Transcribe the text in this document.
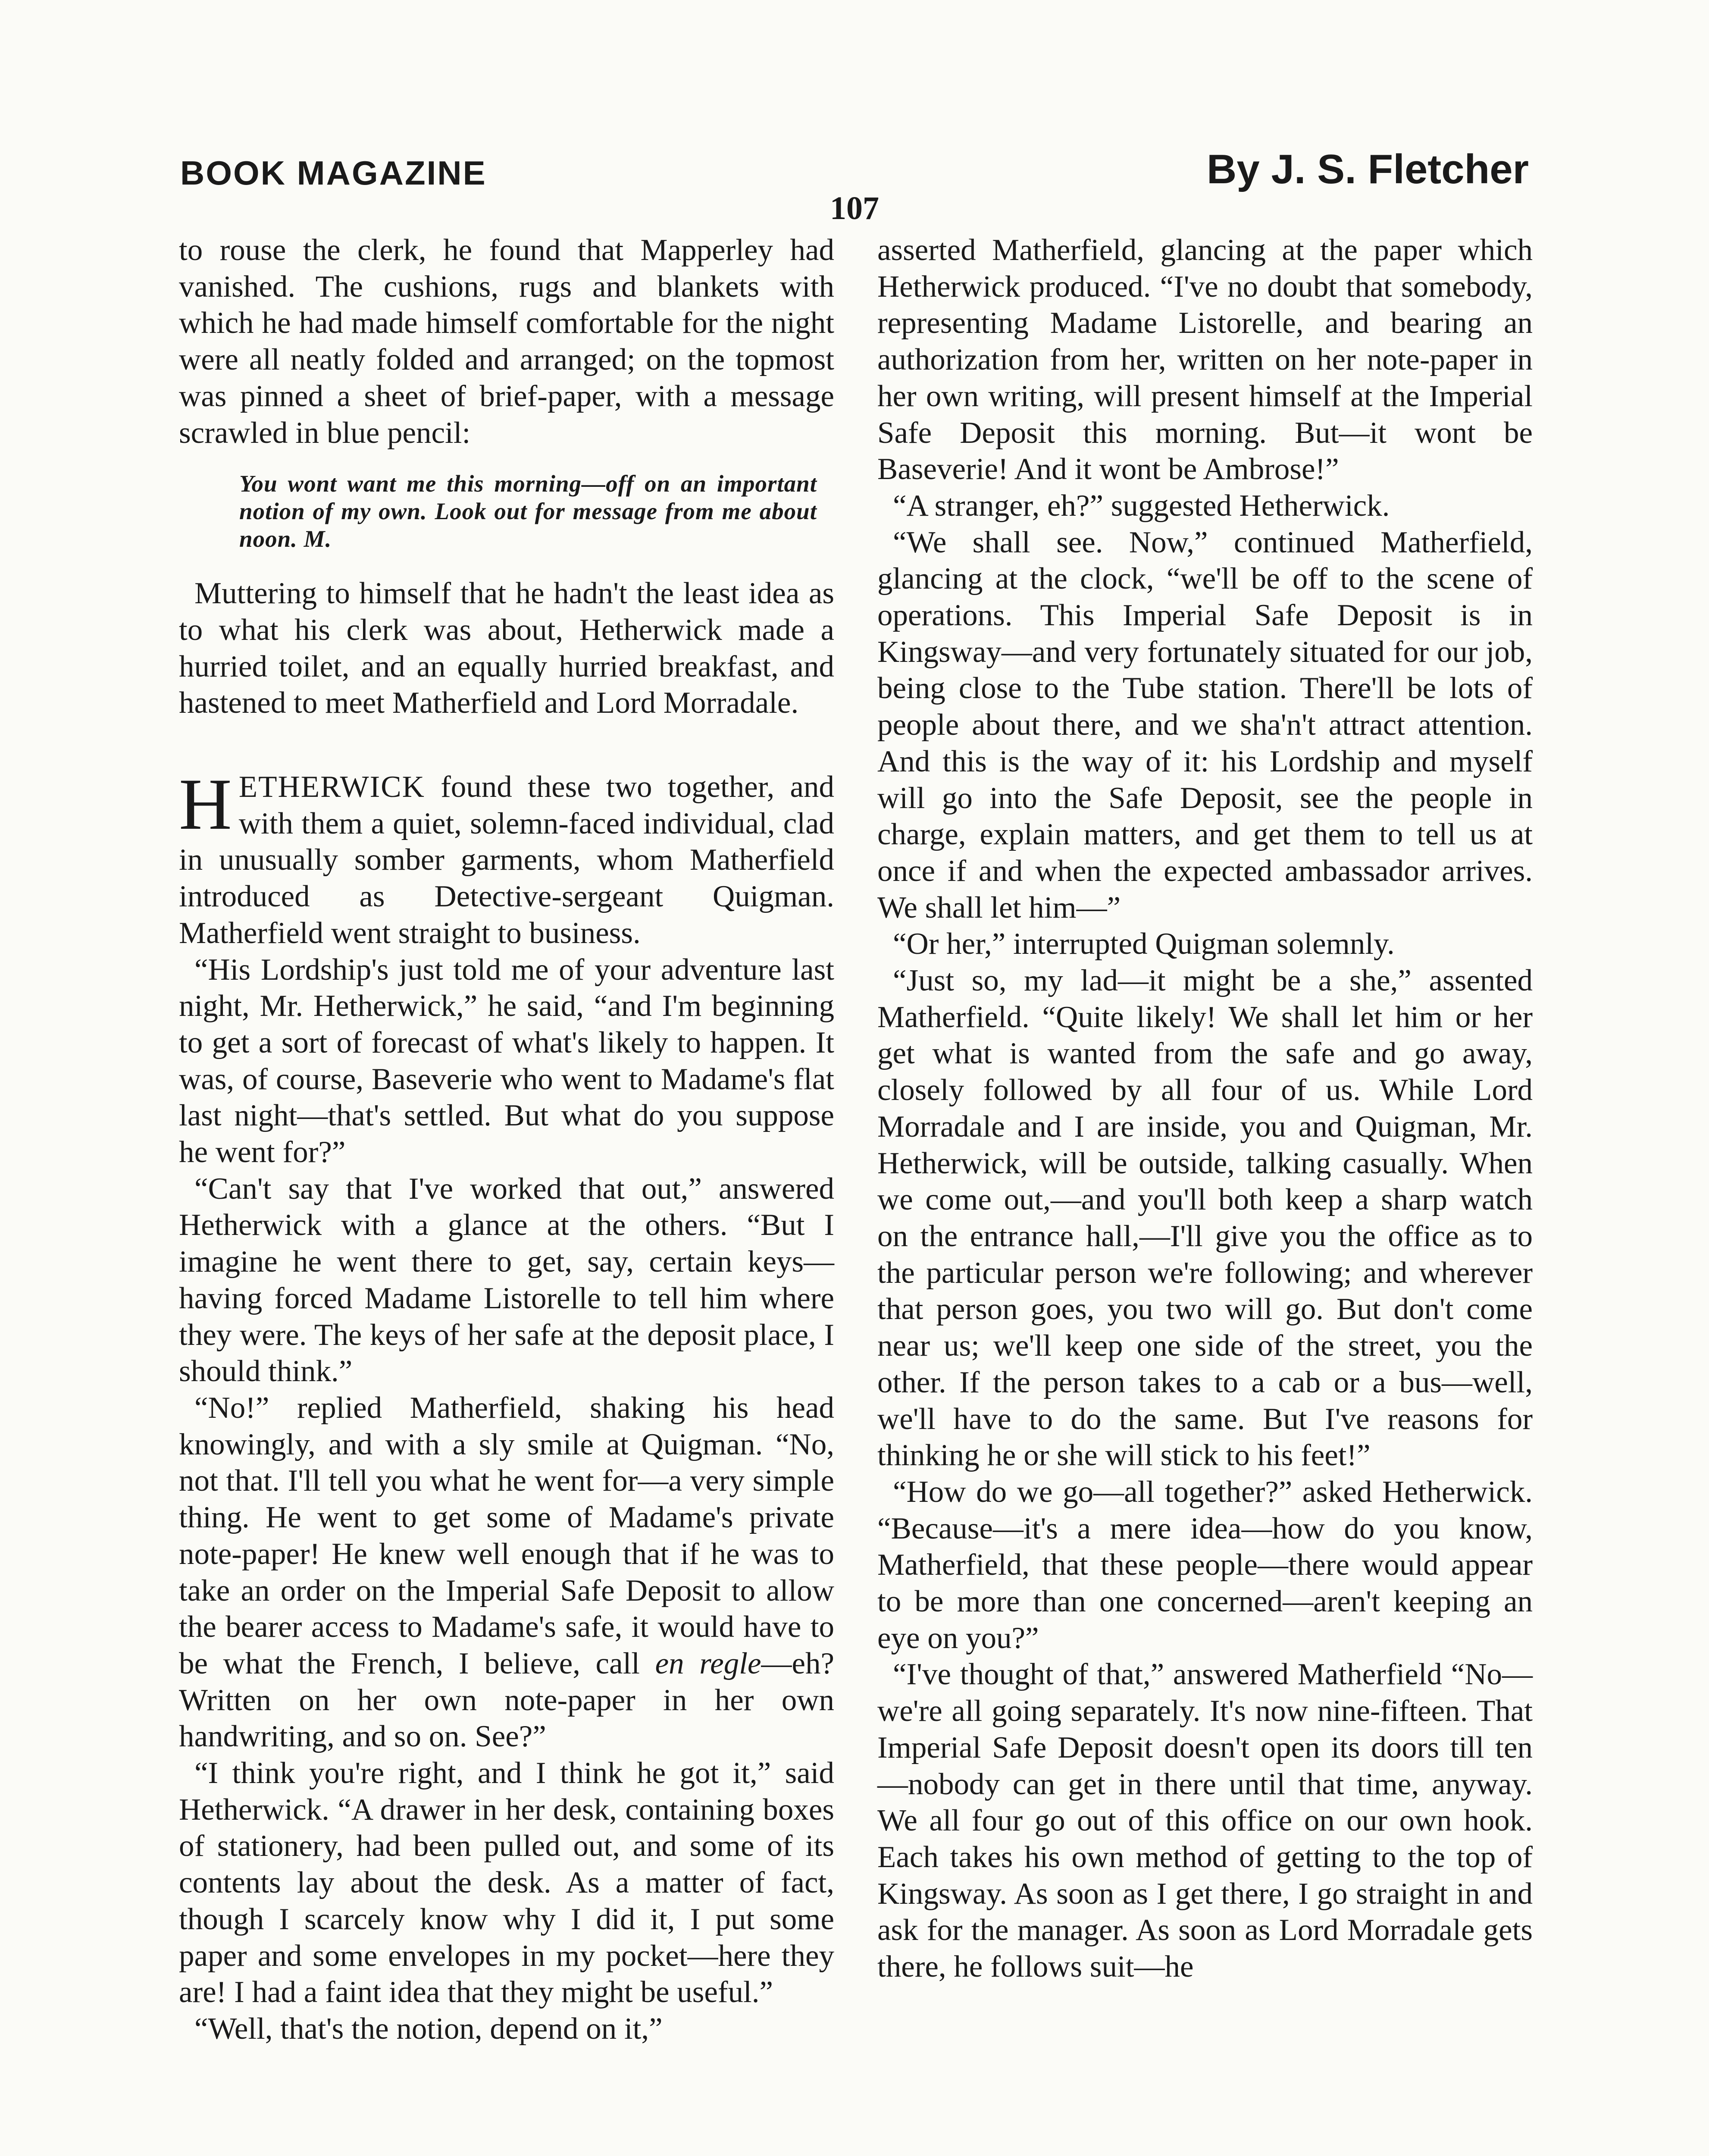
BOOK MAGAZINE	By J. S. Fletcher
107

to rouse the clerk, he found that Mapperley had vanished. The cushions, rugs and blankets with which he had made himself comfortable for the night were all neatly folded and arranged; on the topmost was pinned a sheet of brief-paper, with a message scrawled in blue pencil:

You wont want me this morning—off on an important notion of my own. Look out for message from me about noon. M.

Muttering to himself that he hadn't the least idea as to what his clerk was about, Hetherwick made a hurried toilet, and an equally hurried breakfast, and hastened to meet Matherfield and Lord Morradale.

H ETHERWICK found these two together, and with them a quiet, solemn-faced individual, clad in unusually somber garments, whom Matherfield introduced as Detective-sergeant Quigman. Matherfield went straight to business.

“His Lordship's just told me of your adventure last night, Mr. Hetherwick,” he said, “and I'm beginning to get a sort of forecast of what's likely to happen. It was, of course, Baseverie who went to Madame's flat last night—that's settled. But what do you suppose he went for?”

“Can't say that I've worked that out,” answered Hetherwick with a glance at the others. “But I imagine he went there to get, say, certain keys—having forced Madame Listorelle to tell him where they were. The keys of her safe at the deposit place, I should think.”

“No!” replied Matherfield, shaking his head knowingly, and with a sly smile at Quigman. “No, not that. I'll tell you what he went for—a very simple thing. He went to get some of Madame's private note-paper! He knew well enough that if he was to take an order on the Imperial Safe Deposit to allow the bearer access to Madame's safe, it would have to be what the French, I believe, call en regle—eh? Written on her own note-paper in her own handwriting, and so on. See?”

“I think you're right, and I think he got it,” said Hetherwick. “A drawer in her desk, containing boxes of stationery, had been pulled out, and some of its contents lay about the desk. As a matter of fact, though I scarcely know why I did it, I put some paper and some envelopes in my pocket—here they are! I had a faint idea that they might be useful.”

“Well, that's the notion, depend on it,”

asserted Matherfield, glancing at the paper which Hetherwick produced. “I've no doubt that somebody, representing Madame Listorelle, and bearing an authorization from her, written on her note-paper in her own writing, will present himself at the Imperial Safe Deposit this morning. But—it wont be Baseverie! And it wont be Ambrose!”

“A stranger, eh?” suggested Hetherwick.

“We shall see. Now,” continued Matherfield, glancing at the clock, “we'll be off to the scene of operations. This Imperial Safe Deposit is in Kingsway—and very fortunately situated for our job, being close to the Tube station. There'll be lots of people about there, and we sha'n't attract attention. And this is the way of it: his Lordship and myself will go into the Safe Deposit, see the people in charge, explain matters, and get them to tell us at once if and when the expected ambassador arrives. We shall let him—”

“Or her,” interrupted Quigman solemnly.

“Just so, my lad—it might be a she,” assented Matherfield. “Quite likely! We shall let him or her get what is wanted from the safe and go away, closely followed by all four of us. While Lord Morradale and I are inside, you and Quigman, Mr. Hetherwick, will be outside, talking casually. When we come out,—and you'll both keep a sharp watch on the entrance hall,—I'll give you the office as to the particular person we're following; and wherever that person goes, you two will go. But don't come near us; we'll keep one side of the street, you the other. If the person takes to a cab or a bus—well, we'll have to do the same. But I've reasons for thinking he or she will stick to his feet!”

“How do we go—all together?” asked Hetherwick. “Because—it's a mere idea—how do you know, Matherfield, that these people—there would appear to be more than one concerned—aren't keeping an eye on you?”

“I've thought of that,” answered Matherfield “No—we're all going separately. It's now nine-fifteen. That Imperial Safe Deposit doesn't open its doors till ten—nobody can get in there until that time, anyway. We all four go out of this office on our own hook. Each takes his own method of getting to the top of Kingsway. As soon as I get there, I go straight in and ask for the manager. As soon as Lord Morradale gets there, he follows suit—he
